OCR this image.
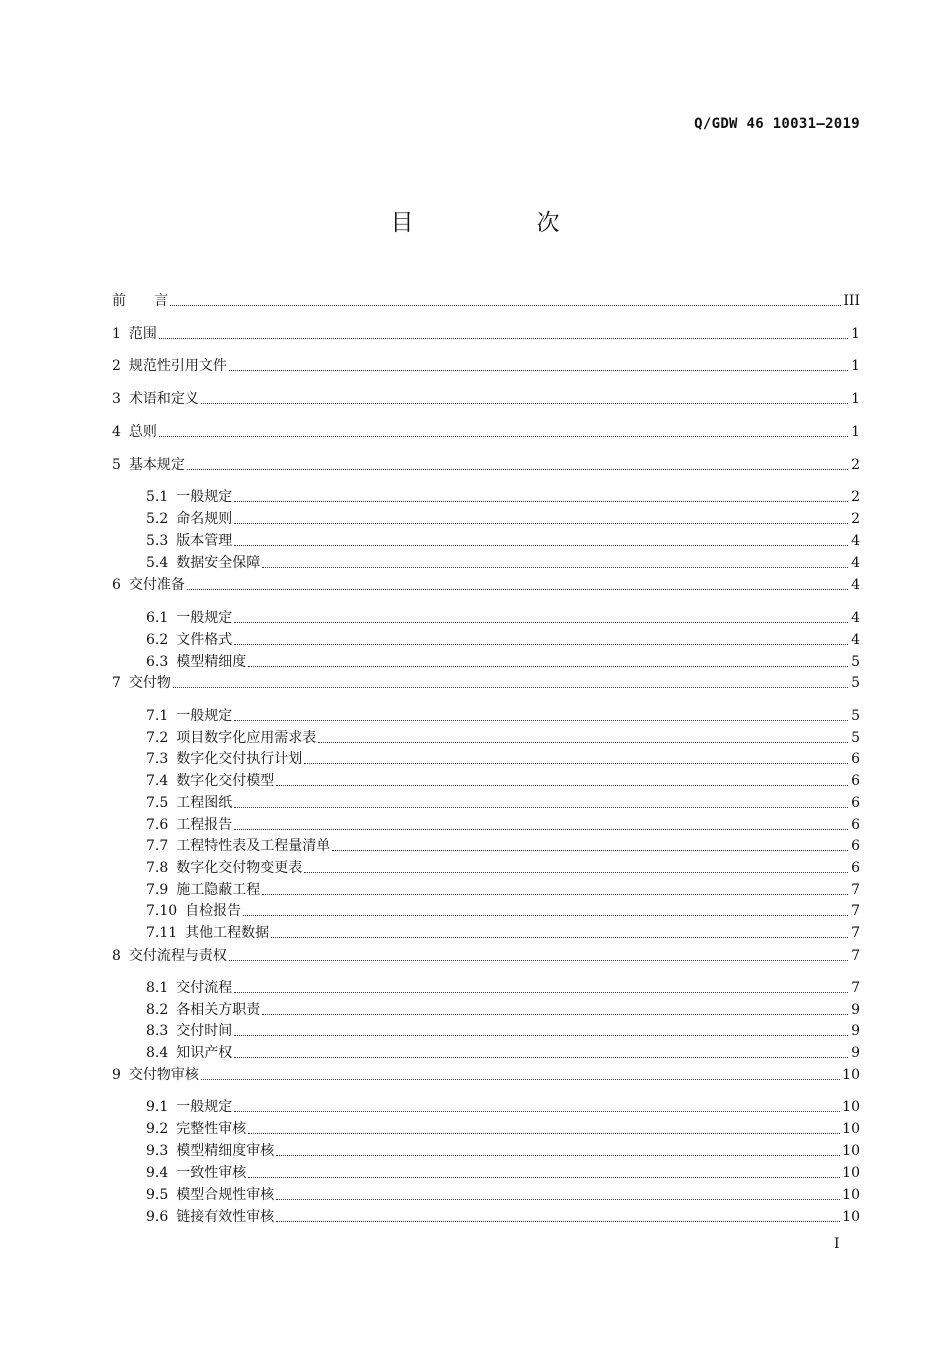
Q/GDW 46 10031—2019
目　次
前　　言	III
1 范围	1
2 规范性引用文件	1
3 术语和定义	1
4 总则	1
5 基本规定	2
5.1 一般规定	2
5.2 命名规则	2
5.3 版本管理	4
5.4 数据安全保障	4
6 交付准备	4
6.1 一般规定	4
6.2 文件格式	4
6.3 模型精细度	5
7 交付物	5
7.1 一般规定	5
7.2 项目数字化应用需求表	5
7.3 数字化交付执行计划	6
7.4 数字化交付模型	6
7.5 工程图纸	6
7.6 工程报告	6
7.7 工程特性表及工程量清单	6
7.8 数字化交付物变更表	6
7.9 施工隐蔽工程	7
7.10 自检报告	7
7.11 其他工程数据	7
8 交付流程与责权	7
8.1 交付流程	7
8.2 各相关方职责	9
8.3 交付时间	9
8.4 知识产权	9
9 交付物审核	10
9.1 一般规定	10
9.2 完整性审核	10
9.3 模型精细度审核	10
9.4 一致性审核	10
9.5 模型合规性审核	10
9.6 链接有效性审核	10
I
